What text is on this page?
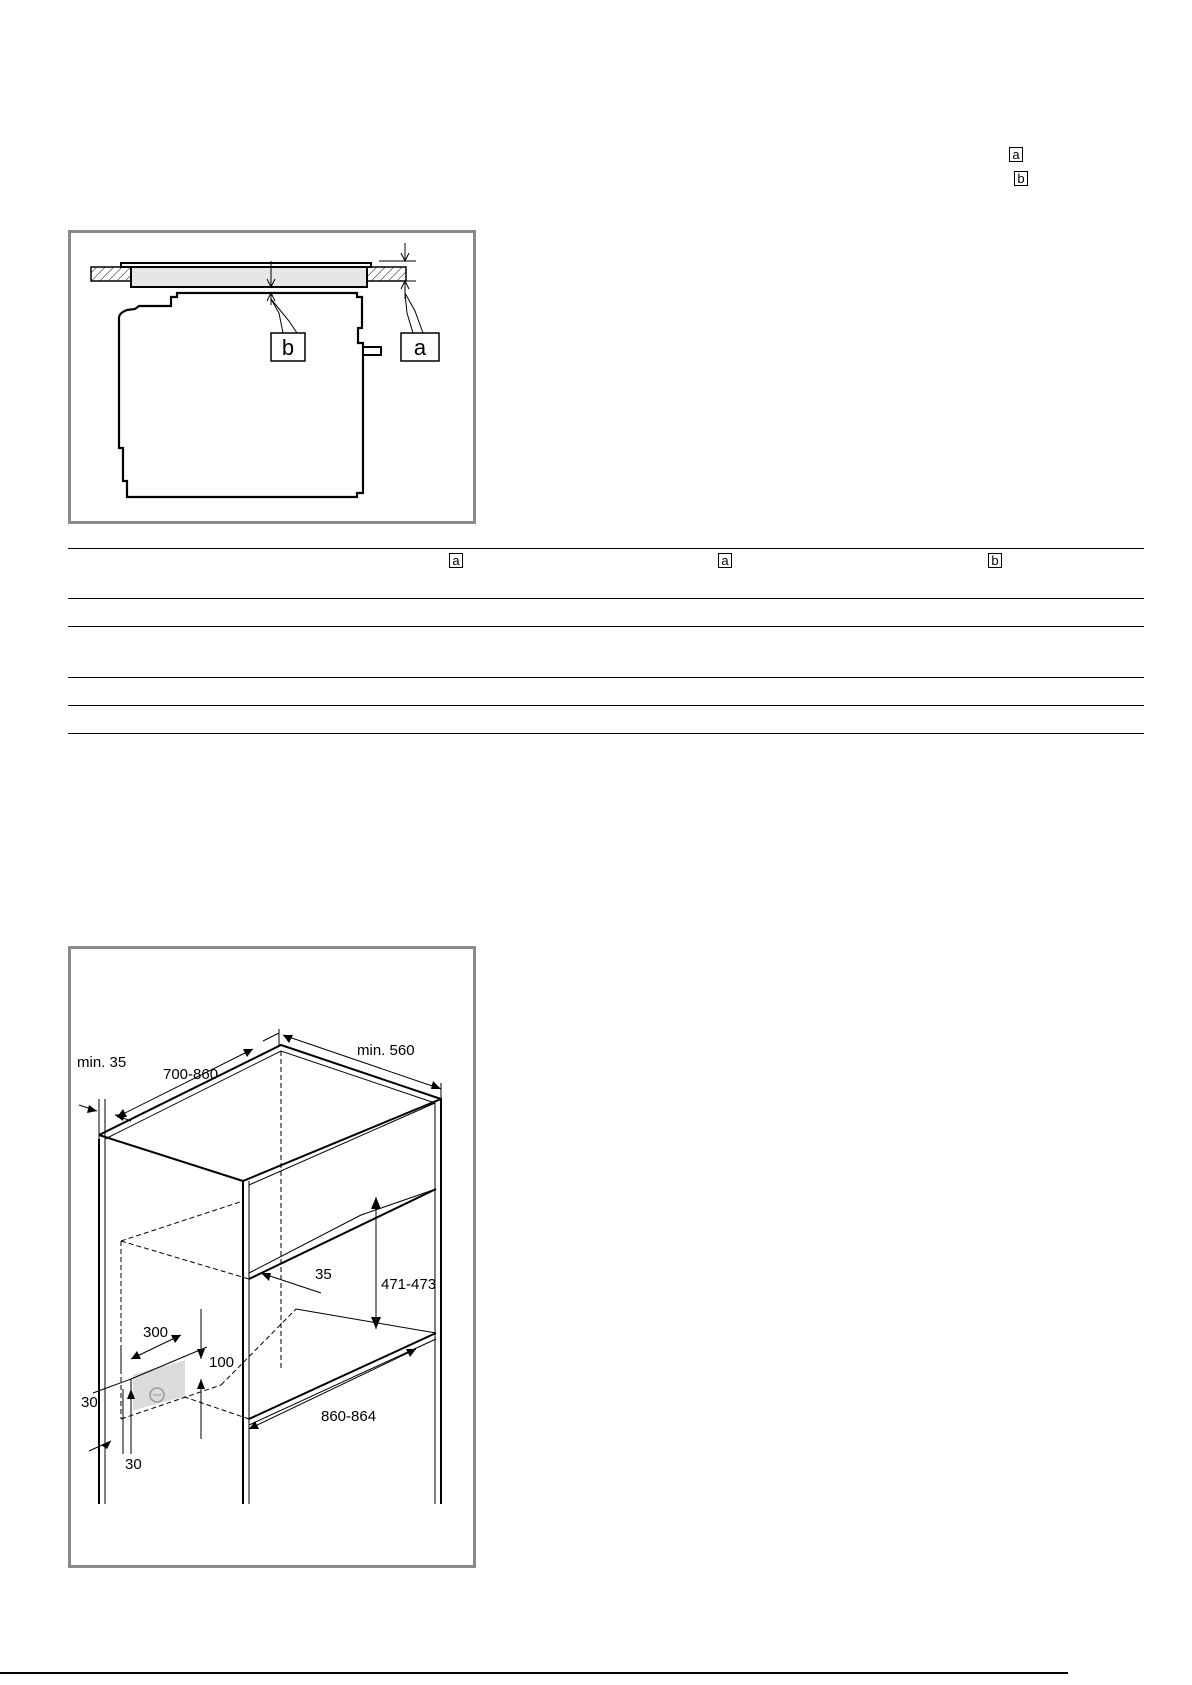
a
b
b	a
a	a	b
min. 35
700-860
min. 560
471-473
35
300
100
30
30
860-864
